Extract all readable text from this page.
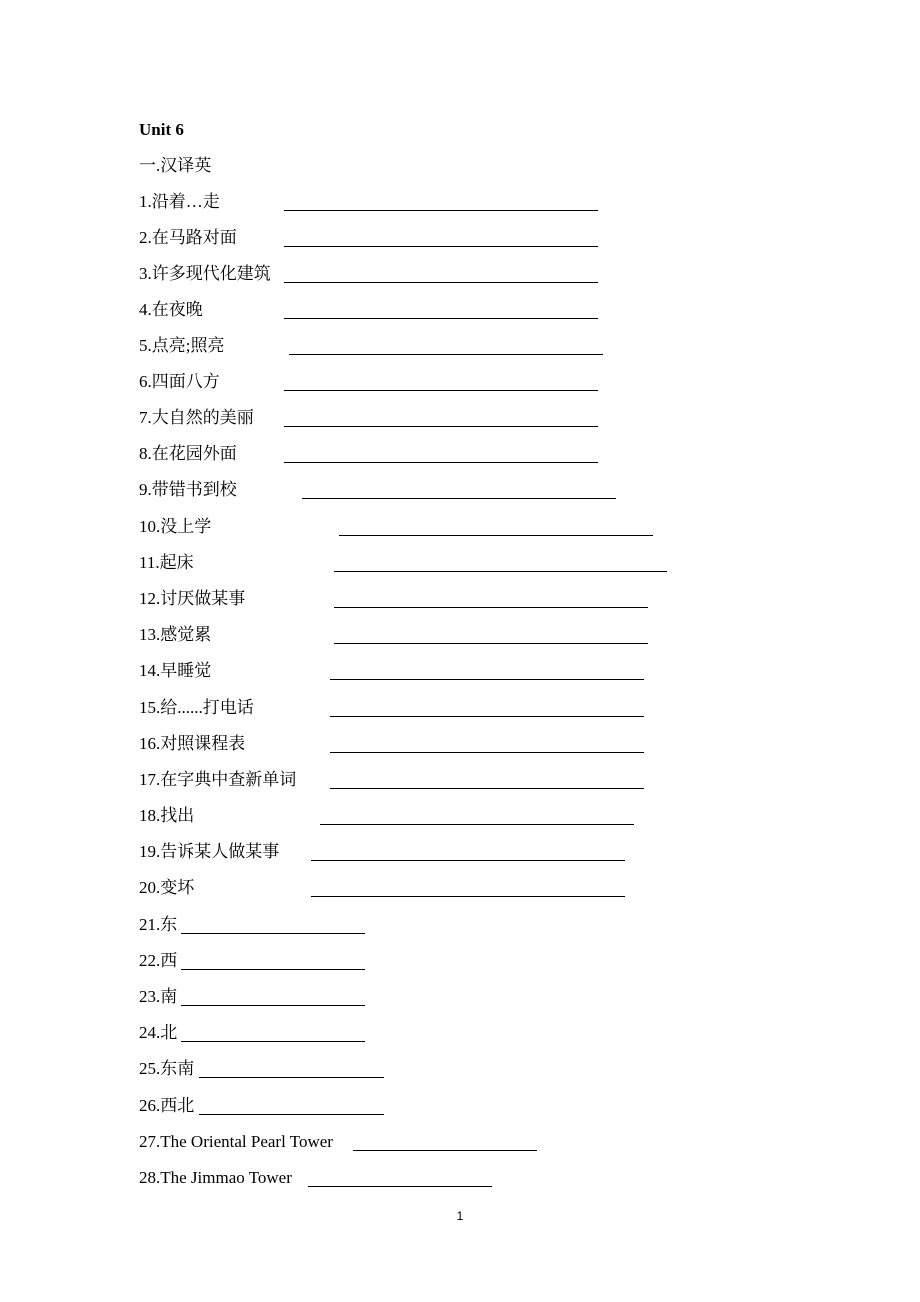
Unit 6
一.汉译英
1.沿着…走
2.在马路对面
3.许多现代化建筑
4.在夜晚
5.点亮;照亮
6.四面八方
7.大自然的美丽
8.在花园外面
9.带错书到校
10.没上学
11.起床
12.讨厌做某事
13.感觉累
14.早睡觉
15.给......打电话
16.对照课程表
17.在字典中查新单词
18.找出
19.告诉某人做某事
20.变坏
21.东
22.西
23.南
24.北
25.东南
26.西北
27.The Oriental Pearl Tower
28.The Jimmao Tower
1
